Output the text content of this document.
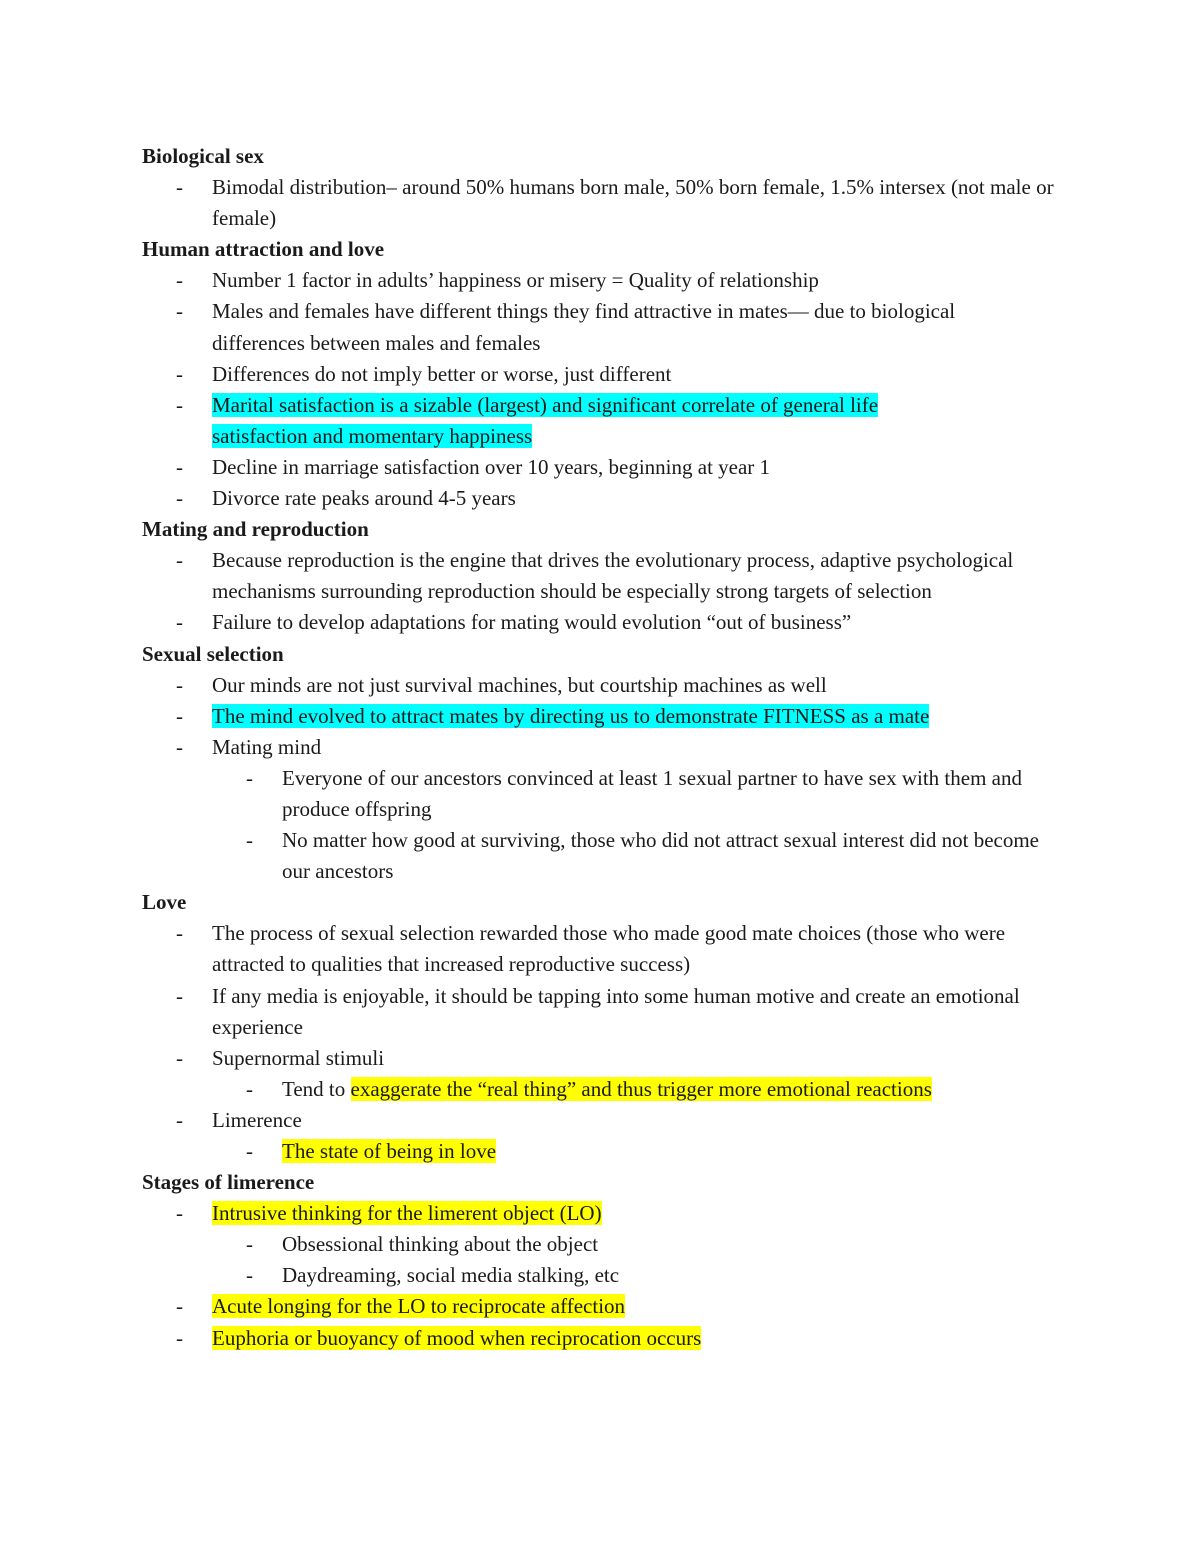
Biological sex
- Bimodal distribution– around 50% humans born male, 50% born female, 1.5% intersex (not male or female)
Human attraction and love
- Number 1 factor in adults’ happiness or misery = Quality of relationship
- Males and females have different things they find attractive in mates— due to biological differences between males and females
- Differences do not imply better or worse, just different
- Marital satisfaction is a sizable (largest) and significant correlate of general life satisfaction and momentary happiness
- Decline in marriage satisfaction over 10 years, beginning at year 1
- Divorce rate peaks around 4-5 years
Mating and reproduction
- Because reproduction is the engine that drives the evolutionary process, adaptive psychological mechanisms surrounding reproduction should be especially strong targets of selection
- Failure to develop adaptations for mating would evolution “out of business”
Sexual selection
- Our minds are not just survival machines, but courtship machines as well
- The mind evolved to attract mates by directing us to demonstrate FITNESS as a mate
- Mating mind
- Everyone of our ancestors convinced at least 1 sexual partner to have sex with them and produce offspring
- No matter how good at surviving, those who did not attract sexual interest did not become our ancestors
Love
- The process of sexual selection rewarded those who made good mate choices (those who were attracted to qualities that increased reproductive success)
- If any media is enjoyable, it should be tapping into some human motive and create an emotional experience
- Supernormal stimuli
- Tend to exaggerate the “real thing” and thus trigger more emotional reactions
- Limerence
- The state of being in love
Stages of limerence
- Intrusive thinking for the limerent object (LO)
- Obsessional thinking about the object
- Daydreaming, social media stalking, etc
- Acute longing for the LO to reciprocate affection
- Euphoria or buoyancy of mood when reciprocation occurs
